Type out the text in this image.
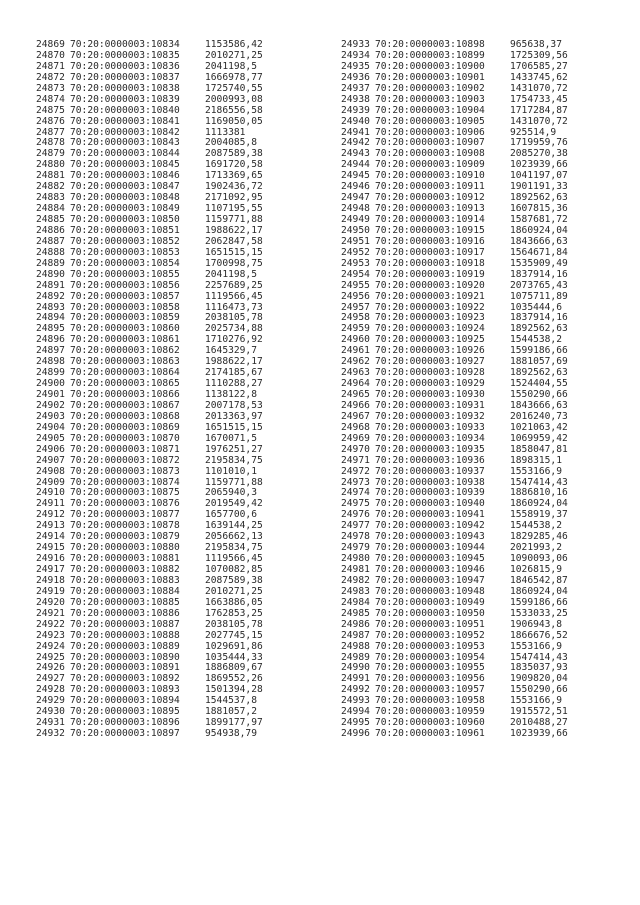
24869 70:20:0000003:10834	1153586,42
24870 70:20:0000003:10835	2010271,25
24871 70:20:0000003:10836	2041198,5
24872 70:20:0000003:10837	1666978,77
24873 70:20:0000003:10838	1725740,55
24874 70:20:0000003:10839	2000993,08
24875 70:20:0000003:10840	2186556,58
24876 70:20:0000003:10841	1169050,05
24877 70:20:0000003:10842	1113381
24878 70:20:0000003:10843	2004085,8
24879 70:20:0000003:10844	2087589,38
24880 70:20:0000003:10845	1691720,58
24881 70:20:0000003:10846	1713369,65
24882 70:20:0000003:10847	1902436,72
24883 70:20:0000003:10848	2171092,95
24884 70:20:0000003:10849	1107195,55
24885 70:20:0000003:10850	1159771,88
24886 70:20:0000003:10851	1988622,17
24887 70:20:0000003:10852	2062847,58
24888 70:20:0000003:10853	1651515,15
24889 70:20:0000003:10854	1700998,75
24890 70:20:0000003:10855	2041198,5
24891 70:20:0000003:10856	2257689,25
24892 70:20:0000003:10857	1119566,45
24893 70:20:0000003:10858	1116473,73
24894 70:20:0000003:10859	2038105,78
24895 70:20:0000003:10860	2025734,88
24896 70:20:0000003:10861	1710276,92
24897 70:20:0000003:10862	1645329,7
24898 70:20:0000003:10863	1988622,17
24899 70:20:0000003:10864	2174185,67
24900 70:20:0000003:10865	1110288,27
24901 70:20:0000003:10866	1138122,8
24902 70:20:0000003:10867	2007178,53
24903 70:20:0000003:10868	2013363,97
24904 70:20:0000003:10869	1651515,15
24905 70:20:0000003:10870	1670071,5
24906 70:20:0000003:10871	1976251,27
24907 70:20:0000003:10872	2195834,75
24908 70:20:0000003:10873	1101010,1
24909 70:20:0000003:10874	1159771,88
24910 70:20:0000003:10875	2065940,3
24911 70:20:0000003:10876	2019549,42
24912 70:20:0000003:10877	1657700,6
24913 70:20:0000003:10878	1639144,25
24914 70:20:0000003:10879	2056662,13
24915 70:20:0000003:10880	2195834,75
24916 70:20:0000003:10881	1119566,45
24917 70:20:0000003:10882	1070082,85
24918 70:20:0000003:10883	2087589,38
24919 70:20:0000003:10884	2010271,25
24920 70:20:0000003:10885	1663886,05
24921 70:20:0000003:10886	1762853,25
24922 70:20:0000003:10887	2038105,78
24923 70:20:0000003:10888	2027745,15
24924 70:20:0000003:10889	1029691,86
24925 70:20:0000003:10890	1035444,33
24926 70:20:0000003:10891	1886809,67
24927 70:20:0000003:10892	1869552,26
24928 70:20:0000003:10893	1501394,28
24929 70:20:0000003:10894	1544537,8
24930 70:20:0000003:10895	1881057,2
24931 70:20:0000003:10896	1899177,97
24932 70:20:0000003:10897	954938,79
24933 70:20:0000003:10898	965638,37
24934 70:20:0000003:10899	1725309,56
24935 70:20:0000003:10900	1706585,27
24936 70:20:0000003:10901	1433745,62
24937 70:20:0000003:10902	1431070,72
24938 70:20:0000003:10903	1754733,45
24939 70:20:0000003:10904	1717284,87
24940 70:20:0000003:10905	1431070,72
24941 70:20:0000003:10906	925514,9
24942 70:20:0000003:10907	1719959,76
24943 70:20:0000003:10908	2085270,38
24944 70:20:0000003:10909	1023939,66
24945 70:20:0000003:10910	1041197,07
24946 70:20:0000003:10911	1901191,33
24947 70:20:0000003:10912	1892562,63
24948 70:20:0000003:10913	1607815,36
24949 70:20:0000003:10914	1587681,72
24950 70:20:0000003:10915	1860924,04
24951 70:20:0000003:10916	1843666,63
24952 70:20:0000003:10917	1564671,84
24953 70:20:0000003:10918	1535909,49
24954 70:20:0000003:10919	1837914,16
24955 70:20:0000003:10920	2073765,43
24956 70:20:0000003:10921	1075711,89
24957 70:20:0000003:10922	1035444,6
24958 70:20:0000003:10923	1837914,16
24959 70:20:0000003:10924	1892562,63
24960 70:20:0000003:10925	1544538,2
24961 70:20:0000003:10926	1599186,66
24962 70:20:0000003:10927	1881057,69
24963 70:20:0000003:10928	1892562,63
24964 70:20:0000003:10929	1524404,55
24965 70:20:0000003:10930	1550290,66
24966 70:20:0000003:10931	1843666,63
24967 70:20:0000003:10932	2016240,73
24968 70:20:0000003:10933	1021063,42
24969 70:20:0000003:10934	1069959,42
24970 70:20:0000003:10935	1858047,81
24971 70:20:0000003:10936	1898315,1
24972 70:20:0000003:10937	1553166,9
24973 70:20:0000003:10938	1547414,43
24974 70:20:0000003:10939	1886810,16
24975 70:20:0000003:10940	1860924,04
24976 70:20:0000003:10941	1558919,37
24977 70:20:0000003:10942	1544538,2
24978 70:20:0000003:10943	1829285,46
24979 70:20:0000003:10944	2021993,2
24980 70:20:0000003:10945	1090093,06
24981 70:20:0000003:10946	1026815,9
24982 70:20:0000003:10947	1846542,87
24983 70:20:0000003:10948	1860924,04
24984 70:20:0000003:10949	1599186,66
24985 70:20:0000003:10950	1533033,25
24986 70:20:0000003:10951	1906943,8
24987 70:20:0000003:10952	1866676,52
24988 70:20:0000003:10953	1553166,9
24989 70:20:0000003:10954	1547414,43
24990 70:20:0000003:10955	1835037,93
24991 70:20:0000003:10956	1909820,04
24992 70:20:0000003:10957	1550290,66
24993 70:20:0000003:10958	1553166,9
24994 70:20:0000003:10959	1915572,51
24995 70:20:0000003:10960	2010488,27
24996 70:20:0000003:10961	1023939,66
